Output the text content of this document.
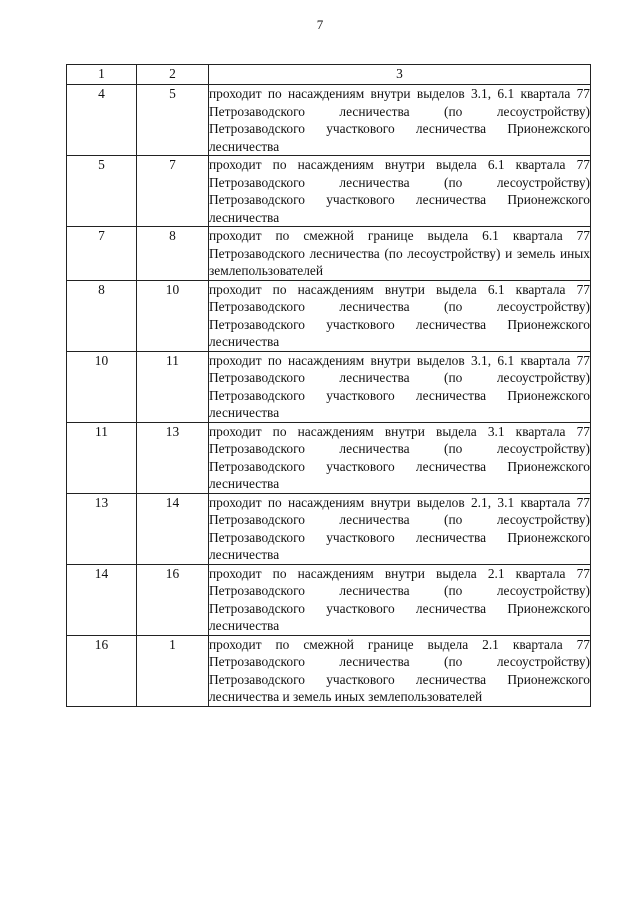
7
1	2	3
4	5	проходит по насаждениям внутри выделов 3.1, 6.1 квартала 77 Петрозаводского лесничества (по лесоустройству) Петрозаводского участкового лесничества Прионежского лесничества
5	7	проходит по насаждениям внутри выдела 6.1 квартала 77 Петрозаводского лесничества (по лесоустройству) Петрозаводского участкового лесничества Прионежского лесничества
7	8	проходит по смежной границе выдела 6.1 квартала 77 Петрозаводского лесничества (по лесоустройству) и земель иных землепользователей
8	10	проходит по насаждениям внутри выдела 6.1 квартала 77 Петрозаводского лесничества (по лесоустройству) Петрозаводского участкового лесничества Прионежского лесничества
10	11	проходит по насаждениям внутри выделов 3.1, 6.1 квартала 77 Петрозаводского лесничества (по лесоустройству) Петрозаводского участкового лесничества Прионежского лесничества
11	13	проходит по насаждениям внутри выдела 3.1 квартала 77 Петрозаводского лесничества (по лесоустройству) Петрозаводского участкового лесничества Прионежского лесничества
13	14	проходит по насаждениям внутри выделов 2.1, 3.1 квартала 77 Петрозаводского лесничества (по лесоустройству) Петрозаводского участкового лесничества Прионежского лесничества
14	16	проходит по насаждениям внутри выдела 2.1 квартала 77 Петрозаводского лесничества (по лесоустройству) Петрозаводского участкового лесничества Прионежского лесничества
16	1	проходит по смежной границе выдела 2.1 квартала 77 Петрозаводского лесничества (по лесоустройству) Петрозаводского участкового лесничества Прионежского лесничества и земель иных землепользователей
